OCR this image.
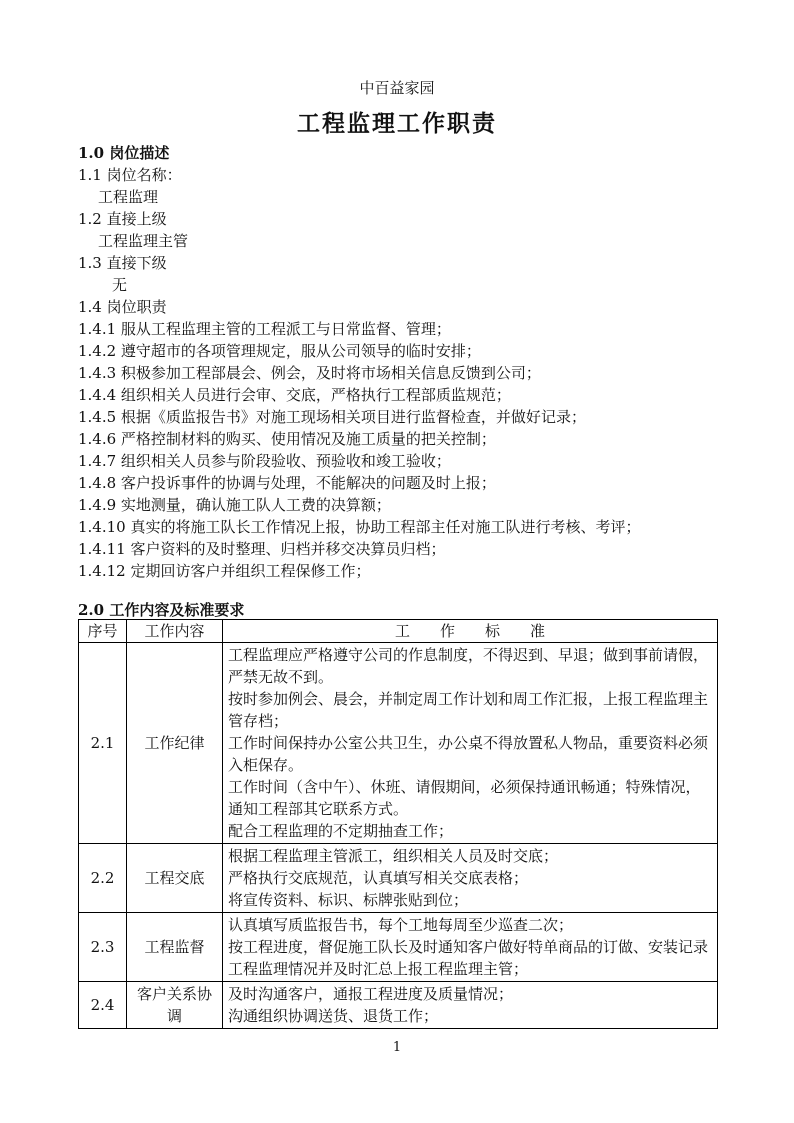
中百益家园
工程监理工作职责
1.0 岗位描述
1.1 岗位名称：
工程监理
1.2 直接上级
工程监理主管
1.3 直接下级
无
1.4 岗位职责
1.4.1 服从工程监理主管的工程派工与日常监督、管理；
1.4.2 遵守超市的各项管理规定，服从公司领导的临时安排；
1.4.3 积极参加工程部晨会、例会，及时将市场相关信息反馈到公司；
1.4.4 组织相关人员进行会审、交底，严格执行工程部质监规范；
1.4.5 根据《质监报告书》对施工现场相关项目进行监督检查，并做好记录；
1.4.6 严格控制材料的购买、使用情况及施工质量的把关控制；
1.4.7 组织相关人员参与阶段验收、预验收和竣工验收；
1.4.8 客户投诉事件的协调与处理，不能解决的问题及时上报；
1.4.9 实地测量，确认施工队人工费的决算额；
1.4.10 真实的将施工队长工作情况上报，协助工程部主任对施工队进行考核、考评；
1.4.11 客户资料的及时整理、归档并移交决算员归档；
1.4.12 定期回访客户并组织工程保修工作；
2.0 工作内容及标准要求
序号	工作内容	工　　作　　标　　准
2.1	工作纪律	工程监理应严格遵守公司的作息制度，不得迟到、早退；做到事前请假，严禁无故不到。
按时参加例会、晨会，并制定周工作计划和周工作汇报，上报工程监理主管存档；
工作时间保持办公室公共卫生，办公桌不得放置私人物品，重要资料必须入柜保存。
工作时间（含中午）、休班、请假期间，必须保持通讯畅通；特殊情况，通知工程部其它联系方式。
配合工程监理的不定期抽查工作；

2.2	工程交底	根据工程监理主管派工，组织相关人员及时交底；
严格执行交底规范，认真填写相关交底表格；
将宣传资料、标识、标牌张贴到位；

2.3	工程监督	认真填写质监报告书，每个工地每周至少巡查二次；
按工程进度，督促施工队长及时通知客户做好特单商品的订做、安装记录工程监理情况并及时汇总上报工程监理主管；

2.4	客户关系协调	及时沟通客户，通报工程进度及质量情况；
沟通组织协调送货、退货工作；
1
